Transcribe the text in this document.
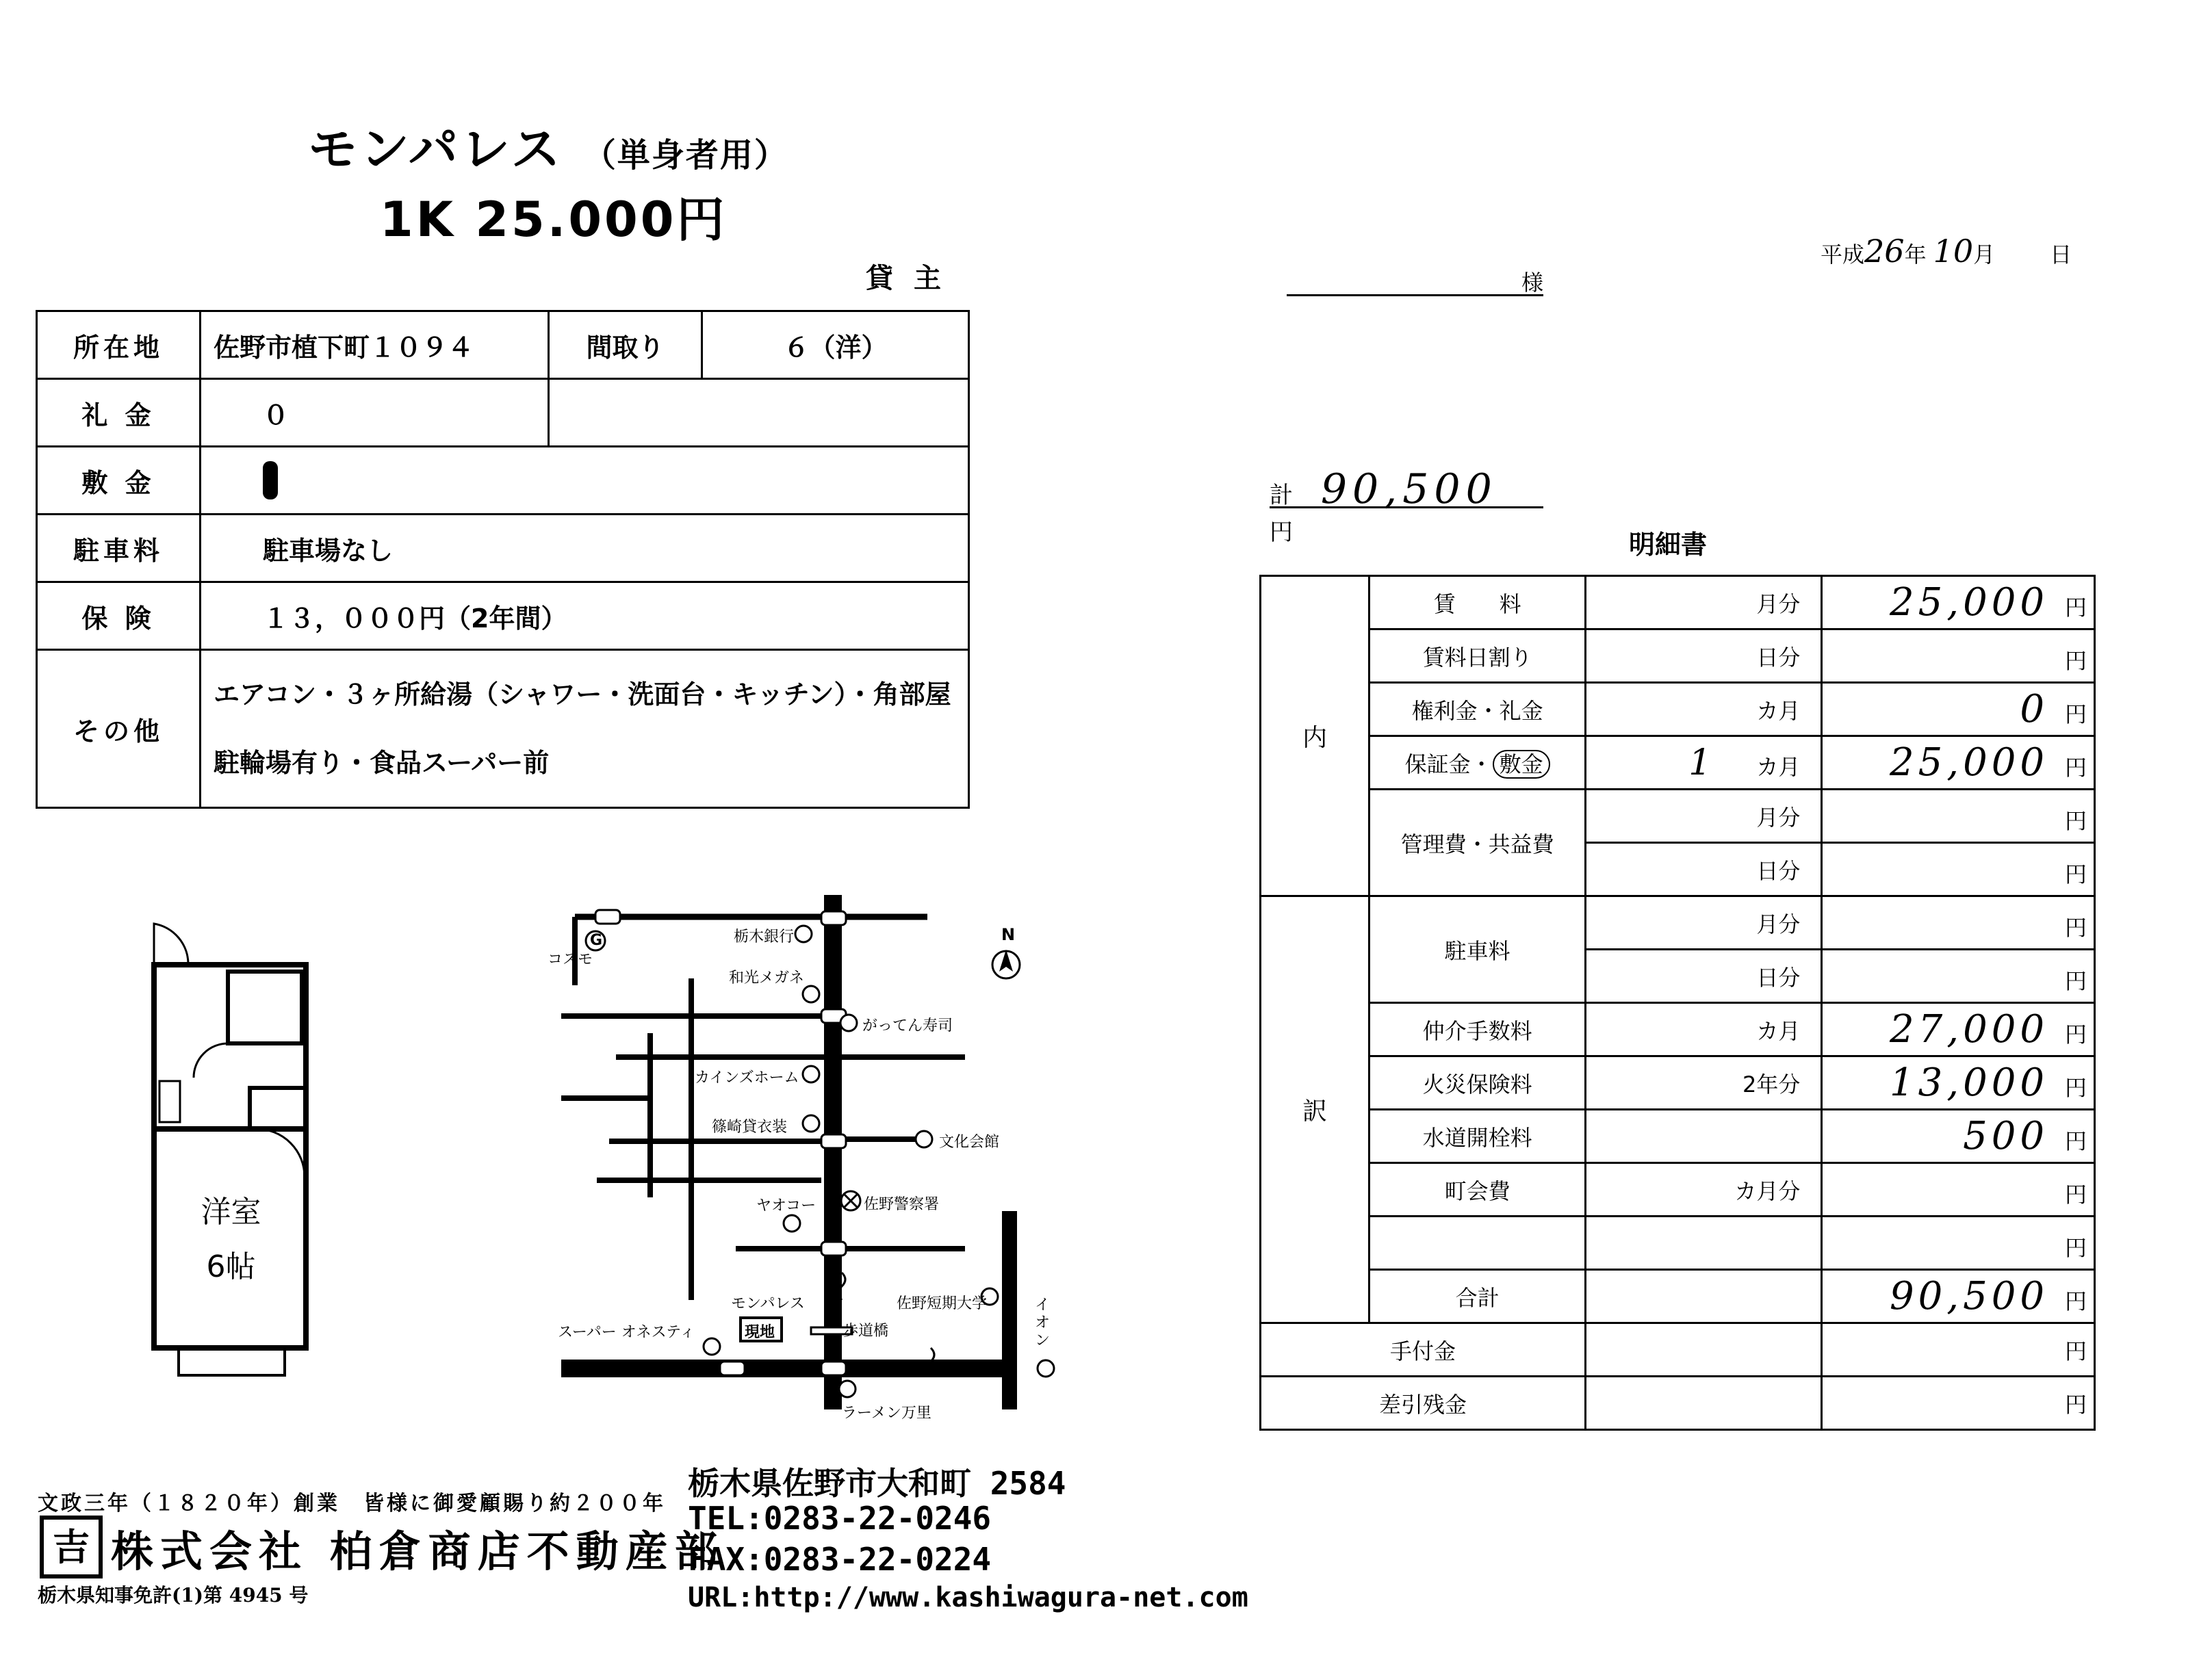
モンパレス （単身者用）
1K 25.000円
貸主
所在地	佐野市植下町１０９４	間取り	６（洋）
礼 金	０		
敷 金			
駐車料	駐車場なし		
保 険	１３，０００円（2年間）		
その他	エアコン・３ヶ所給湯（シャワー・洗面台・キッチン）・角部屋
駐輪場有り・食品スーパー前		
洋室
6帖
N
G
コスモ
栃木銀行
和光メガネ
がってん寿司
カインズホーム
篠崎貸衣装
文化会館
ヤオコー	佐野警察署
モンパレス
現地
スーパー オネスティ	歩道橋
佐野短期大学	イオン
ラーメン万里
平成26年 10月	日
様
計 90,500 円	明細書
内	賃　　料	月分	25,000 円
	賃料日割り	日分	円
	権利金・礼金	カ月	0 円
	保証金・ 敷金	1 カ月	25,000 円
	管理費・共益費	月分	円
		日分	円
訳	駐車料	月分	円
		日分	円
	仲介手数料	カ月	27,000 円
	火災保険料	2年分	13,000 円
	水道開栓料		500 円
	町会費	カ月分	円
			円
	合計		90,500 円
手付金			円
差引残金			円
文政三年（１８２０年）創業　皆様に御愛顧賜り約２００年
吉 株式会社 柏倉商店不動産部
栃木県知事免許(1)第 4945 号
栃木県佐野市大和町 2584
TEL:0283-22-0246
FAX:0283-22-0224
URL:http://www.kashiwagura-net.com
